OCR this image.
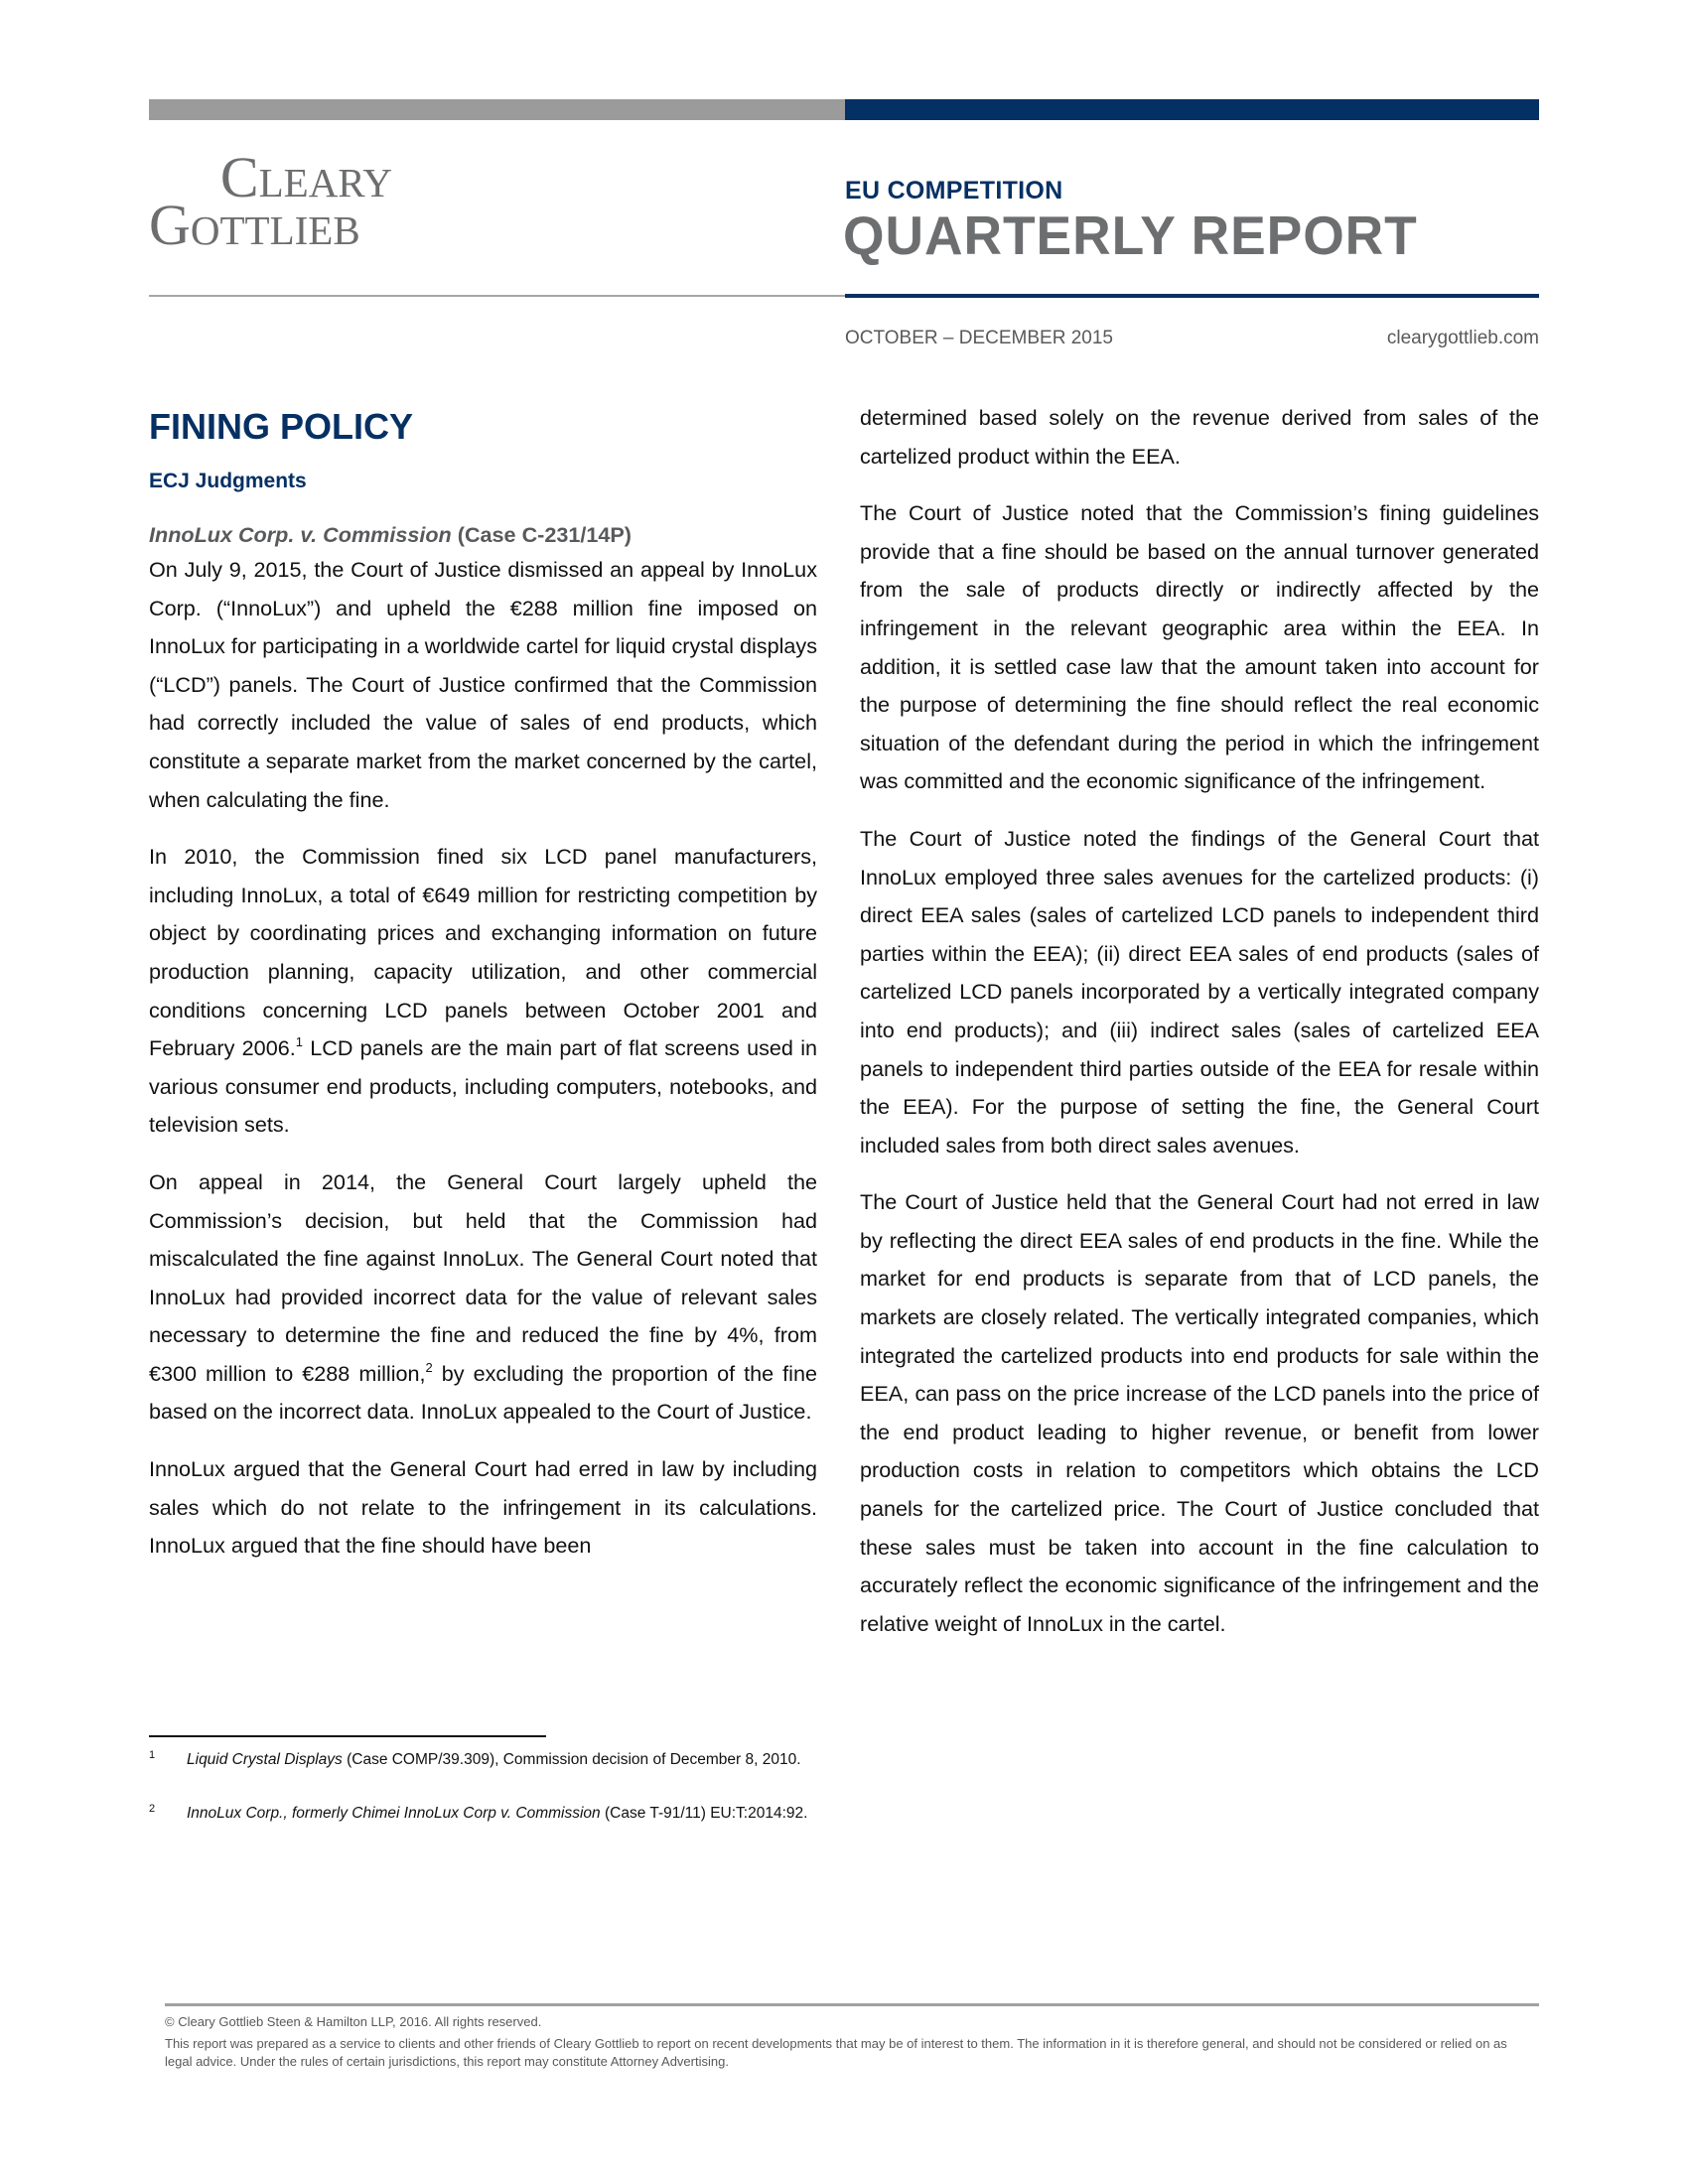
Cleary
Gottlieb
EU COMPETITION
QUARTERLY REPORT
OCTOBER – DECEMBER 2015	clearygottlieb.com
FINING POLICY
ECJ Judgments
InnoLux Corp. v. Commission (Case C-231/14P)

On July 9, 2015, the Court of Justice dismissed an appeal by InnoLux Corp. (“InnoLux”) and upheld the €288 million fine imposed on InnoLux for participating in a worldwide cartel for liquid crystal displays (“LCD”) panels. The Court of Justice confirmed that the Commission had correctly included the value of sales of end products, which constitute a separate market from the market concerned by the cartel, when calculating the fine.

In 2010, the Commission fined six LCD panel manufacturers, including InnoLux, a total of €649 million for restricting competition by object by coordinating prices and exchanging information on future production planning, capacity utilization, and other commercial conditions concerning LCD panels between October 2001 and February 2006.$^1$ LCD panels are the main part of flat screens used in various consumer end products, including computers, notebooks, and television sets.

On appeal in 2014, the General Court largely upheld the Commission’s decision, but held that the Commission had miscalculated the fine against InnoLux. The General Court noted that InnoLux had provided incorrect data for the value of relevant sales necessary to determine the fine and reduced the fine by 4%, from €300 million to €288 million,$^2$ by excluding the proportion of the fine based on the incorrect data. InnoLux appealed to the Court of Justice.

InnoLux argued that the General Court had erred in law by including sales which do not relate to the infringement in its calculations. InnoLux argued that the fine should have been

1 Liquid Crystal Displays (Case COMP/39.309), Commission decision of December 8, 2010.
2 InnoLux Corp., formerly Chimei InnoLux Corp v. Commission (Case T-91/11) EU:T:2014:92.

determined based solely on the revenue derived from sales of the cartelized product within the EEA.

The Court of Justice noted that the Commission’s fining guidelines provide that a fine should be based on the annual turnover generated from the sale of products directly or indirectly affected by the infringement in the relevant geographic area within the EEA. In addition, it is settled case law that the amount taken into account for the purpose of determining the fine should reflect the real economic situation of the defendant during the period in which the infringement was committed and the economic significance of the infringement.

The Court of Justice noted the findings of the General Court that InnoLux employed three sales avenues for the cartelized products: (i) direct EEA sales (sales of cartelized LCD panels to independent third parties within the EEA); (ii) direct EEA sales of end products (sales of cartelized LCD panels incorporated by a vertically integrated company into end products); and (iii) indirect sales (sales of cartelized EEA panels to independent third parties outside of the EEA for resale within the EEA). For the purpose of setting the fine, the General Court included sales from both direct sales avenues.

The Court of Justice held that the General Court had not erred in law by reflecting the direct EEA sales of end products in the fine. While the market for end products is separate from that of LCD panels, the markets are closely related. The vertically integrated companies, which integrated the cartelized products into end products for sale within the EEA, can pass on the price increase of the LCD panels into the price of the end product leading to higher revenue, or benefit from lower production costs in relation to competitors which obtains the LCD panels for the cartelized price. The Court of Justice concluded that these sales must be taken into account in the fine calculation to accurately reflect the economic significance of the infringement and the relative weight of InnoLux in the cartel.

© Cleary Gottlieb Steen & Hamilton LLP, 2016. All rights reserved.
This report was prepared as a service to clients and other friends of Cleary Gottlieb to report on recent developments that may be of interest to them. The information in it is therefore general, and should not be considered or relied on as legal advice. Under the rules of certain jurisdictions, this report may constitute Attorney Advertising.
